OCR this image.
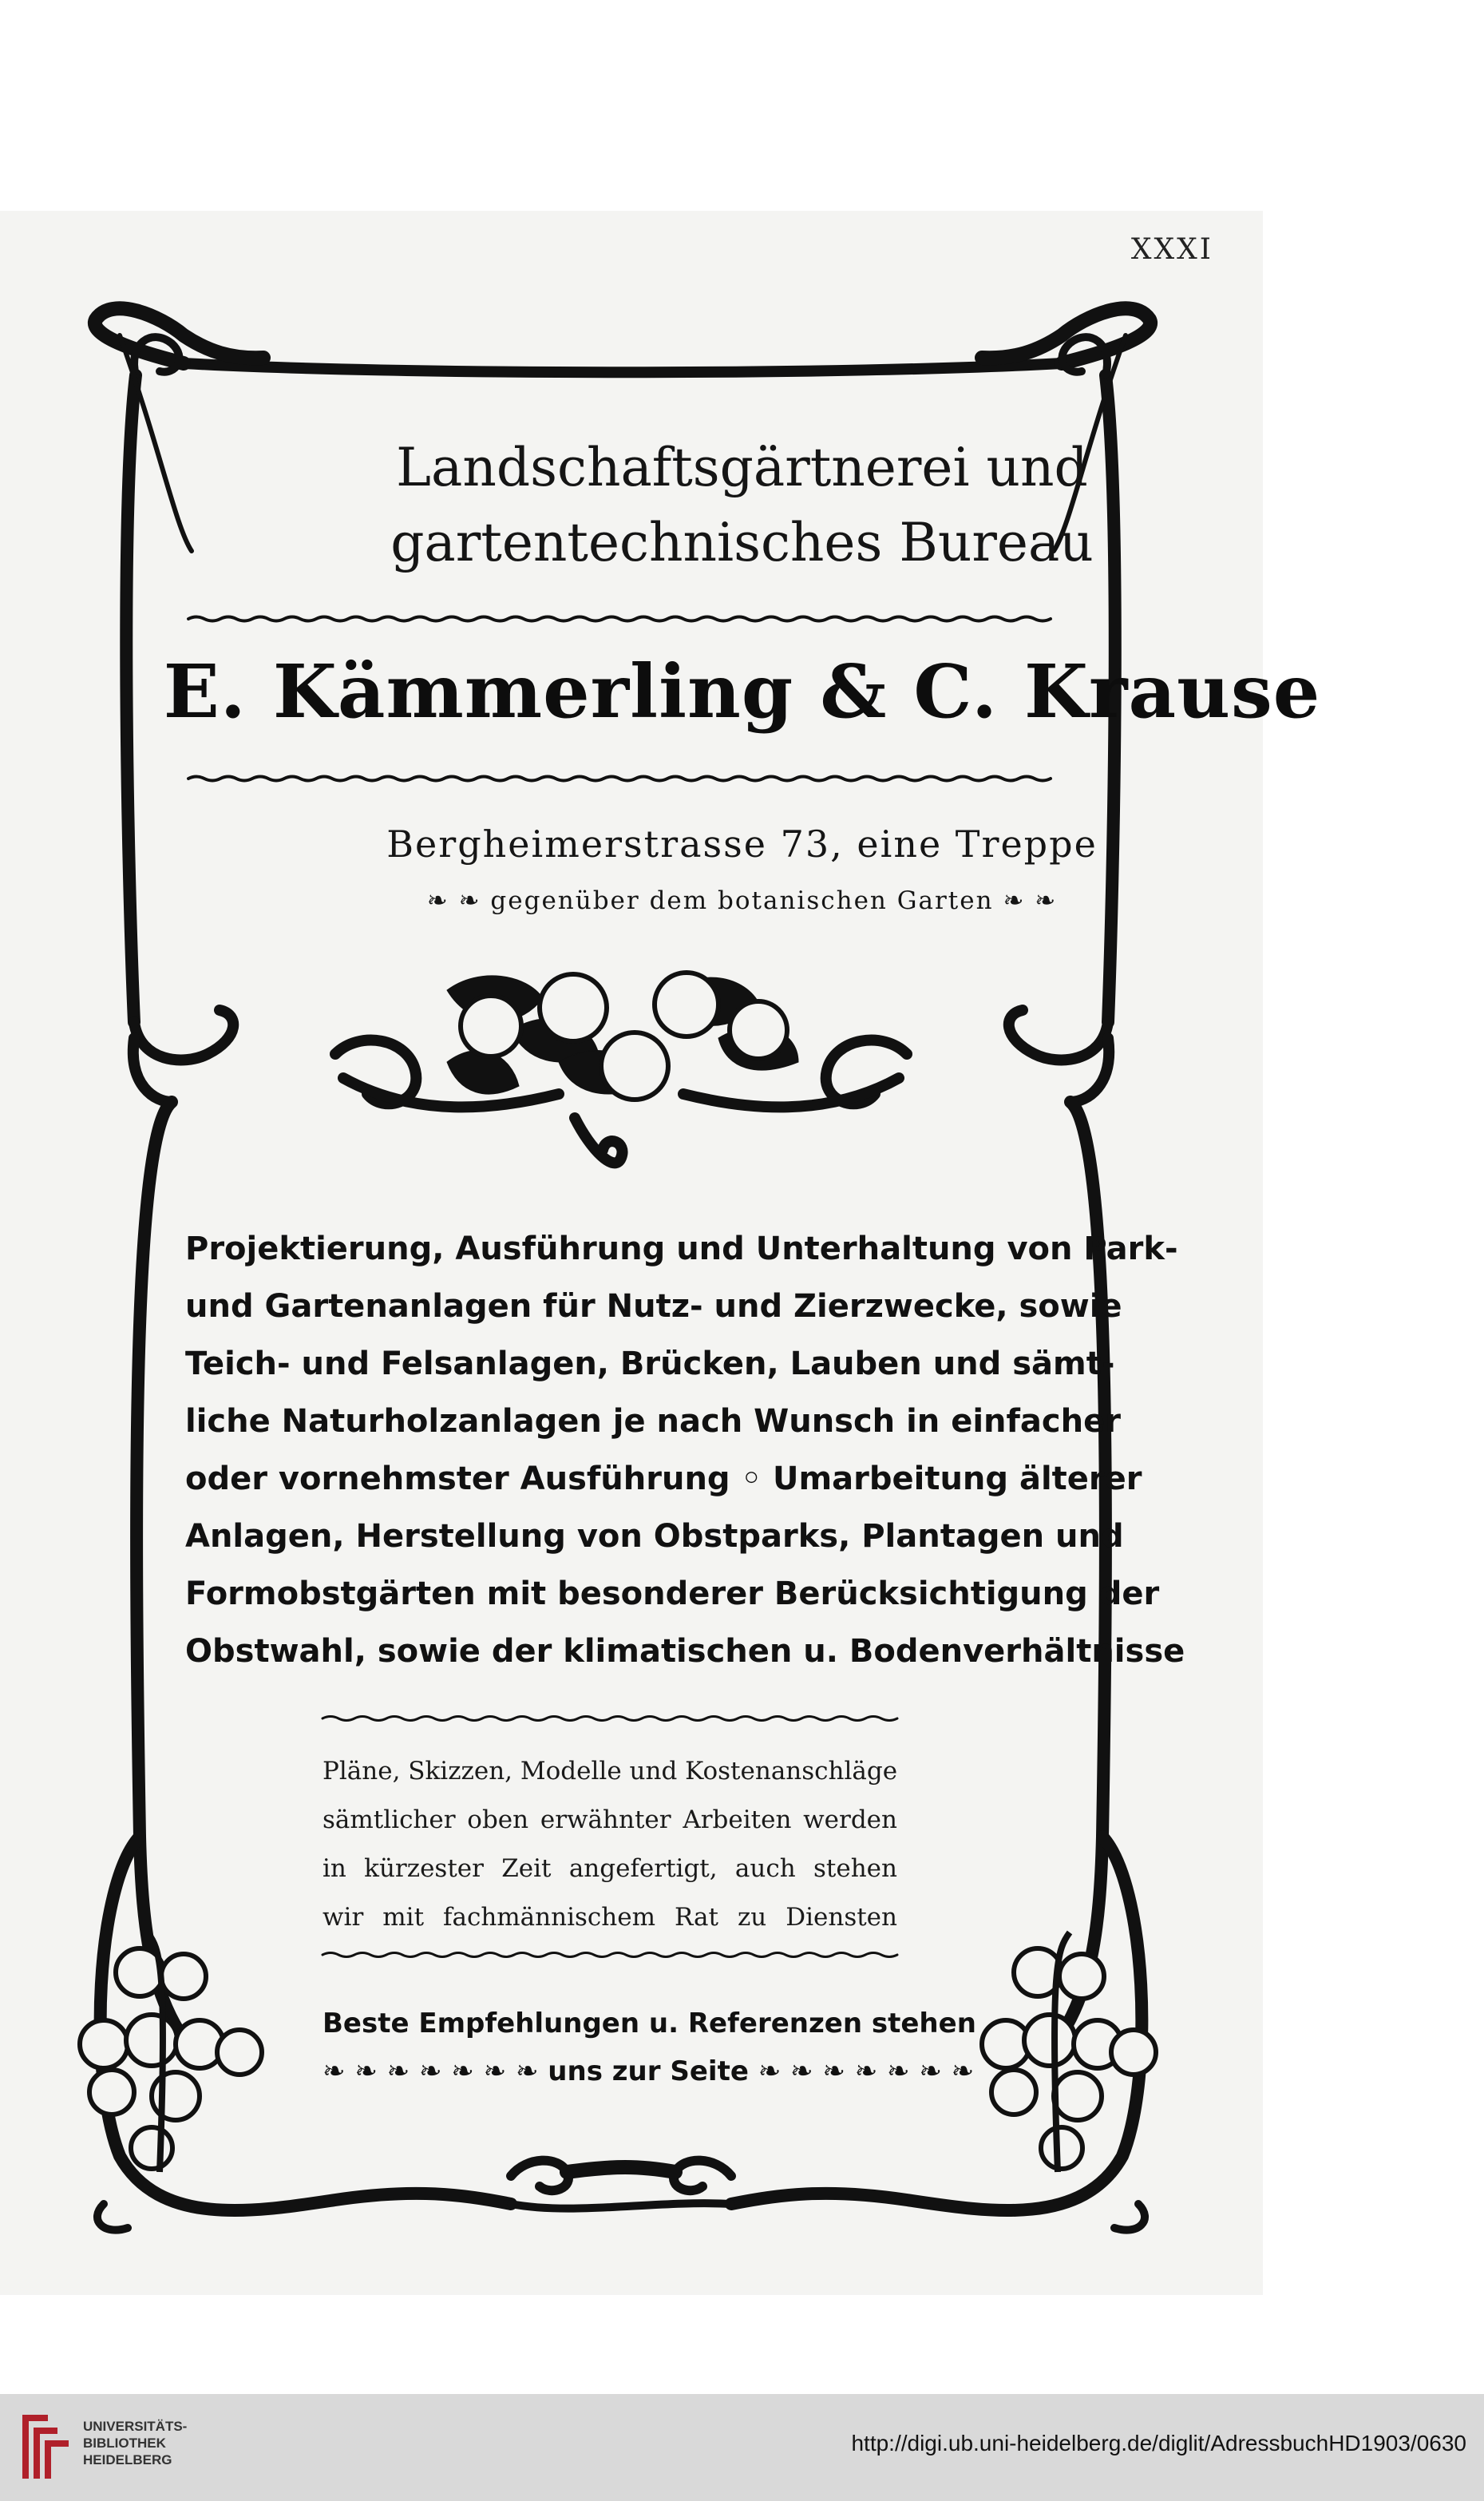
XXXI
Landschaftsgärtnerei und
gartentechnisches Bureau
E. Kämmerling & C. Krause
Bergheimerstrasse 73, eine Treppe
❧ ❧ gegenüber dem botanischen Garten ❧ ❧
Projektierung, Ausführung und Unterhaltung von Park-
und Gartenanlagen für Nutz- und Zierzwecke, sowie
Teich- und Felsanlagen, Brücken, Lauben und sämt-
liche Naturholzanlagen je nach Wunsch in einfacher
oder vornehmster Ausführung ◦ Umarbeitung älterer
Anlagen, Herstellung von Obstparks, Plantagen und
Formobstgärten mit besonderer Berücksichtigung der
Obstwahl, sowie der klimatischen u. Bodenverhältnisse
Pläne, Skizzen, Modelle und Kostenanschläge
sämtlicher oben erwähnter Arbeiten werden
in kürzester Zeit angefertigt, auch stehen
wir mit fachmännischem Rat zu Diensten
Beste Empfehlungen u. Referenzen stehen
❧ ❧ ❧ ❧ ❧ ❧ ❧ uns zur Seite ❧ ❧ ❧ ❧ ❧ ❧ ❧
UNIVERSITÄTS-
BIBLIOTHEK
HEIDELBERG
http://digi.ub.uni-heidelberg.de/diglit/AdressbuchHD1903/0630
